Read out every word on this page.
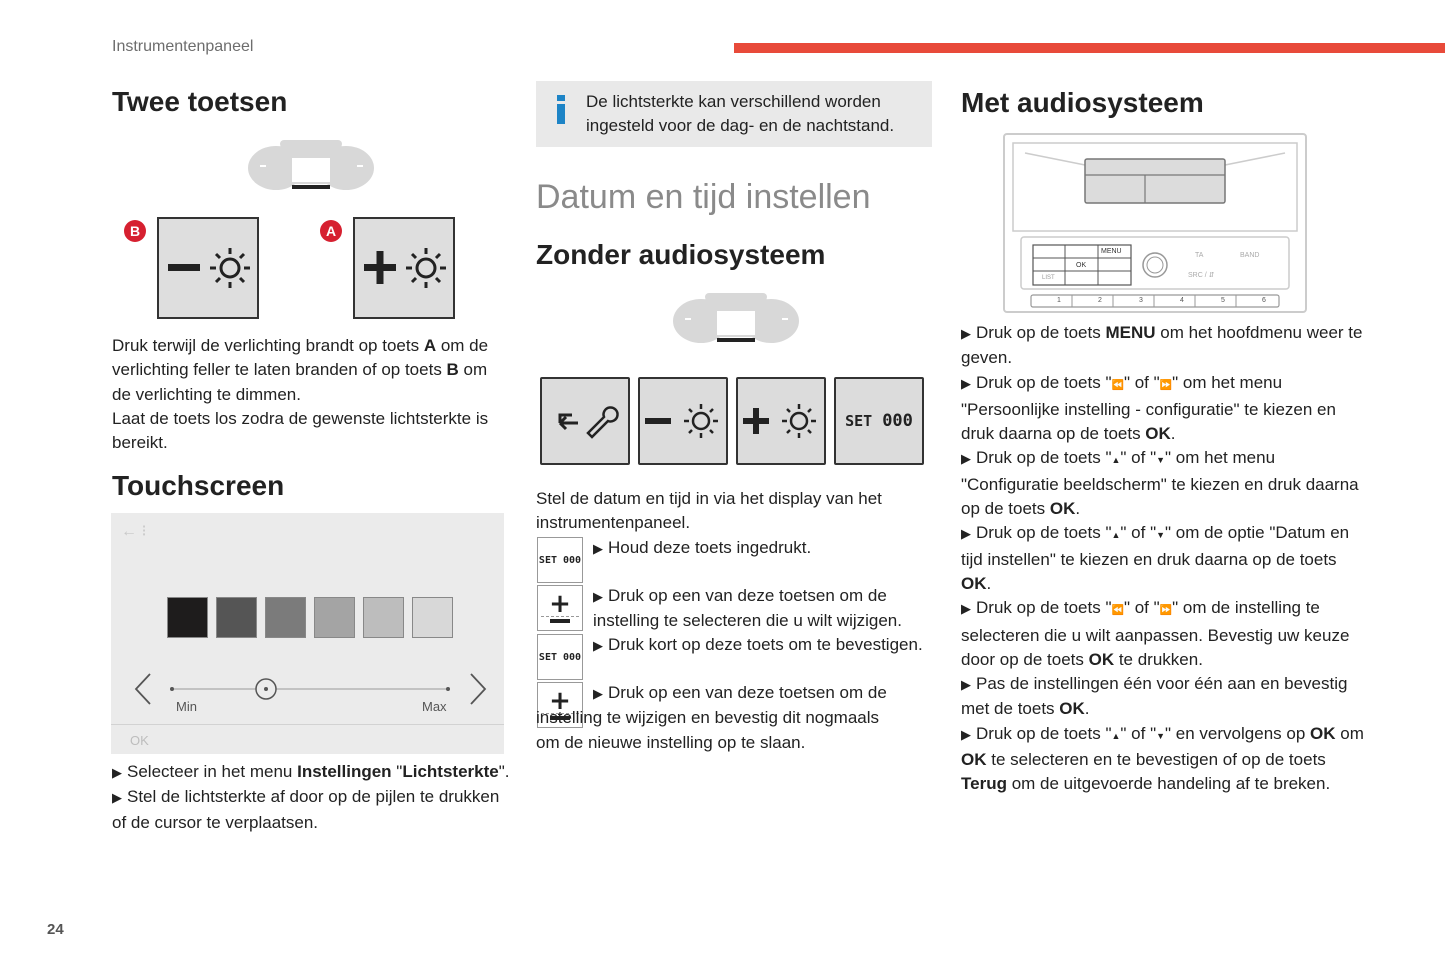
Instrumentenpaneel
Twee toetsen
B	A

Druk terwijl de verlichting brandt op toets A om de verlichting feller te laten branden of op toets B om de verlichting te dimmen.

Laat de toets los zodra de gewenste lichtsterkte is bereikt.

Touchscreen
← ⁝
OK
Min	Max

▶ Selecteer in het menu Instellingen "Lichtsterkte".

▶ Stel de lichtsterkte af door op de pijlen te drukken of de cursor te verplaatsen.

24
De lichtsterkte kan verschillend worden ingesteld voor de dag- en de nachtstand.
Datum en tijd instellen
Zonder audiosysteem
SET 000
Stel de datum en tijd in via het display van het instrumentenpaneel.
SET
000
+
SET
000
+
▶ Houd deze toets ingedrukt.
▶ Druk op een van deze toetsen om de instelling te selecteren die u wilt wijzigen.
▶ Druk kort op deze toets om te bevestigen.
▶ Druk op een van deze toetsen om de instelling te wijzigen en bevestig dit nogmaals om de nieuwe instelling op te slaan.
Met audiosysteem
MENU
OK
LIST
TA	BAND
SRC / ⇵
1	2	3	4	5	6

▶ Druk op de toets MENU om het hoofdmenu weer te geven.

▶ Druk op de toets "⏪" of "⏩" om het menu "Persoonlijke instelling - configuratie" te kiezen en druk daarna op de toets OK.

▶ Druk op de toets "▲" of "▼" om het menu "Configuratie beeldscherm" te kiezen en druk daarna op de toets OK.

▶ Druk op de toets "▲" of "▼" om de optie "Datum en tijd instellen" te kiezen en druk daarna op de toets OK.

▶ Druk op de toets "⏪" of "⏩" om de instelling te selecteren die u wilt aanpassen. Bevestig uw keuze door op de toets OK te drukken.

▶ Pas de instellingen één voor één aan en bevestig met de toets OK.

▶ Druk op de toets "▲" of "▼" en vervolgens op OK om OK te selecteren en te bevestigen of op de toets Terug om de uitgevoerde handeling af te breken.
